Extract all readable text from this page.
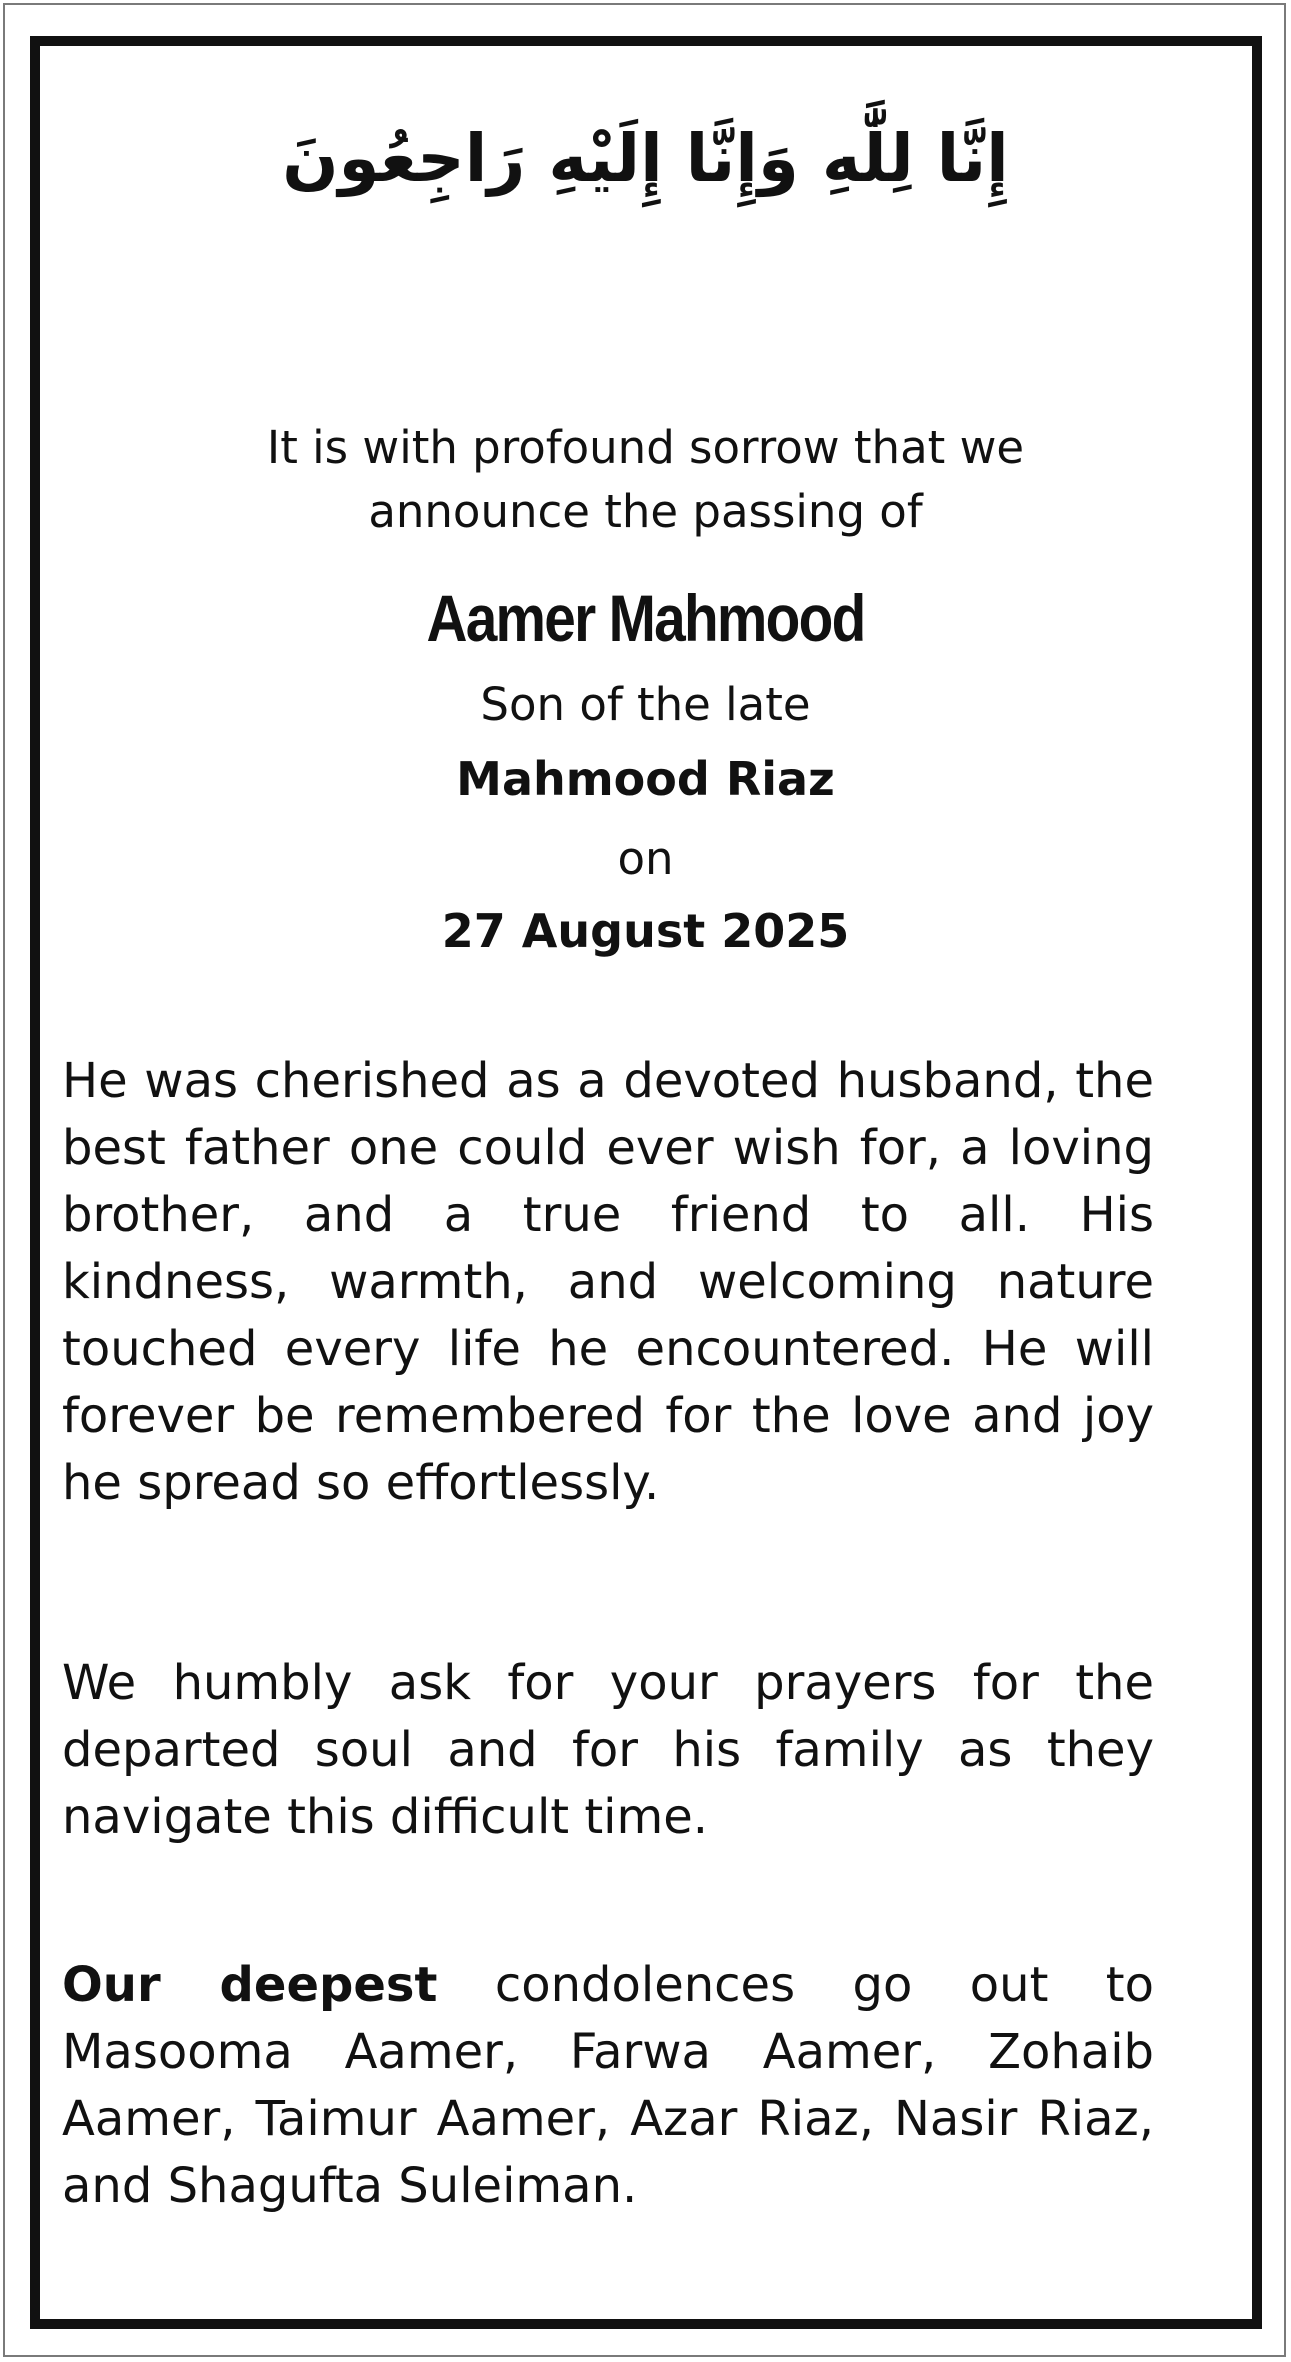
إِنَّا لِلَّٰهِ وَإِنَّا إِلَيْهِ رَاجِعُونَ
It is with profound sorrow that we
announce the passing of
Aamer Mahmood
Son of the late
Mahmood Riaz
on
27 August 2025
He was cherished as a devoted husband, the best father one could ever wish for, a loving brother, and a true friend to all. His kindness, warmth, and welcoming nature touched every life he encountered. He will forever be remembered for the love and joy he spread so effortlessly.
We humbly ask for your prayers for the departed soul and for his family as they navigate this difficult time.
Our deepest condolences go out to Masooma Aamer, Farwa Aamer, Zohaib Aamer, Taimur Aamer, Azar Riaz, Nasir Riaz, and Shagufta Suleiman.
